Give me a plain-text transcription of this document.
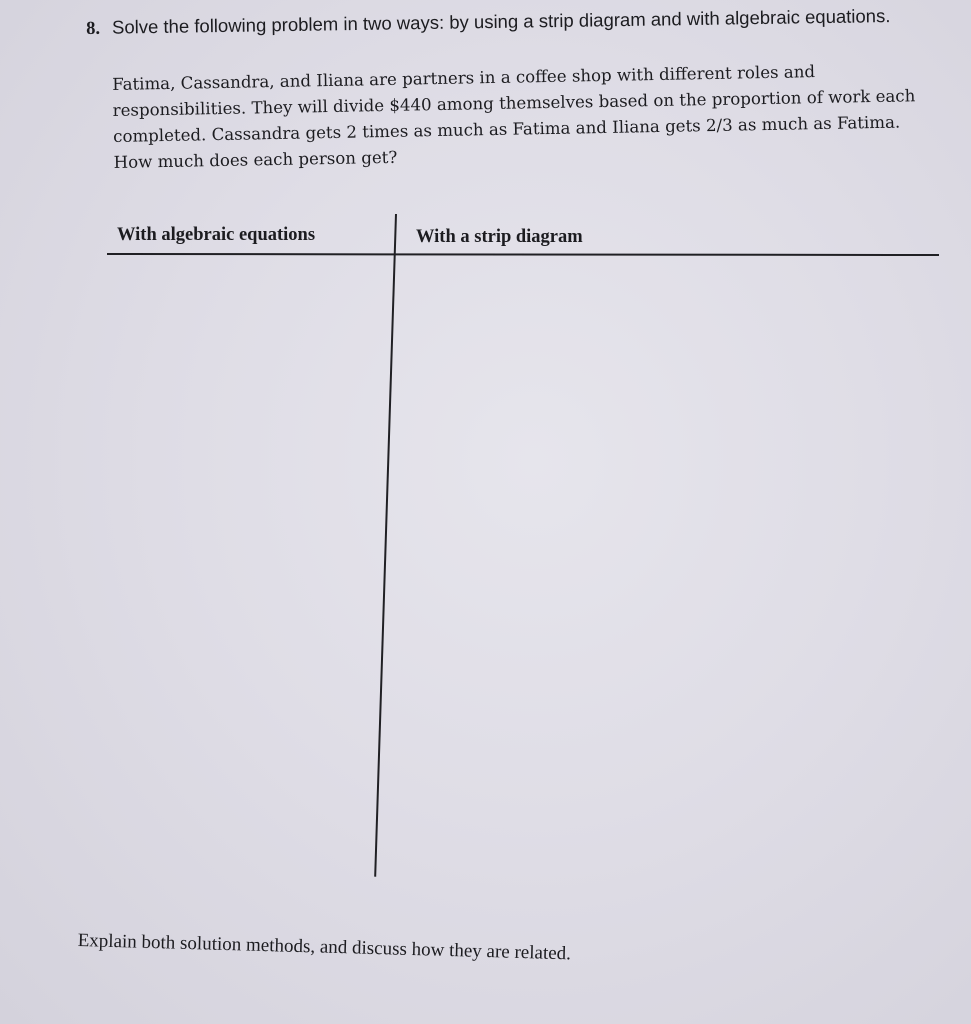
8. Solve the following problem in two ways: by using a strip diagram and with algebraic equations.
Fatima, Cassandra, and Iliana are partners in a coffee shop with different roles and
responsibilities. They will divide $440 among themselves based on the proportion of work each
completed. Cassandra gets 2 times as much as Fatima and Iliana gets 2/3 as much as Fatima.
How much does each person get?
With algebraic equations	With a strip diagram
Explain both solution methods, and discuss how they are related.
